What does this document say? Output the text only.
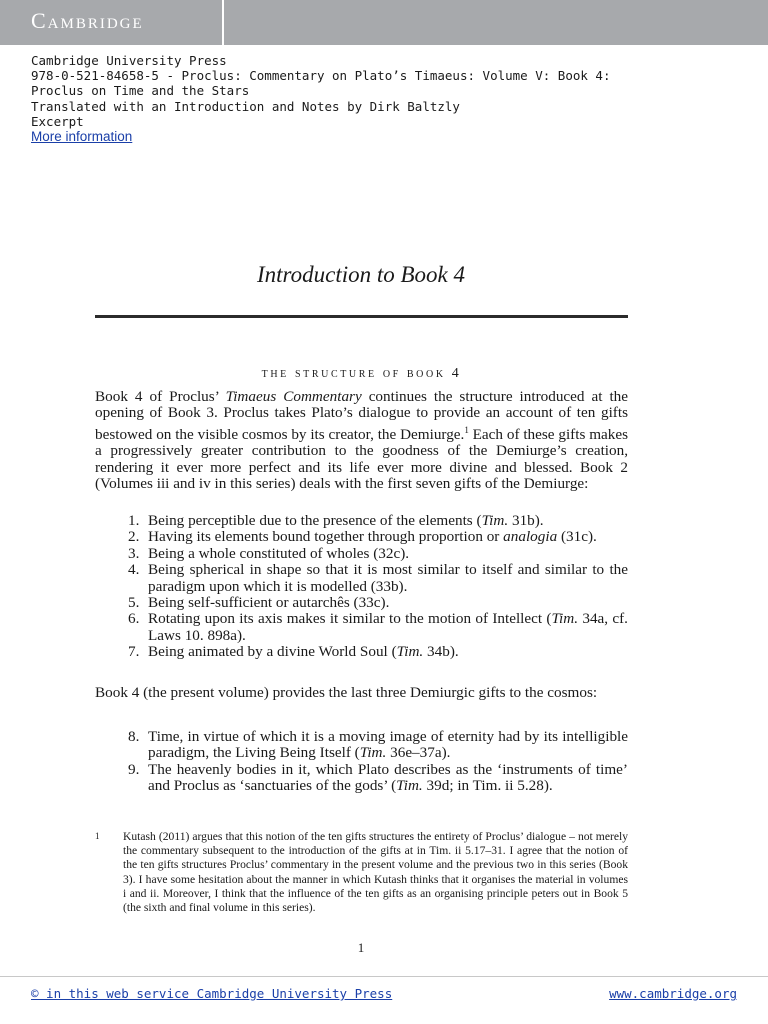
Cambridge
Cambridge University Press
978-0-521-84658-5 - Proclus: Commentary on Plato’s Timaeus: Volume V: Book 4:
Proclus on Time and the Stars
Translated with an Introduction and Notes by Dirk Baltzly
Excerpt
More information
Introduction to Book 4
the structure of book 4
Book 4 of Proclus’ Timaeus Commentary continues the structure introduced at the opening of Book 3. Proclus takes Plato’s dialogue to provide an account of ten gifts bestowed on the visible cosmos by its creator, the Demiurge.$^1$ Each of these gifts makes a progressively greater contribution to the goodness of the Demiurge’s creation, rendering it ever more perfect and its life ever more divine and blessed. Book 2 (Volumes iii and iv in this series) deals with the first seven gifts of the Demiurge:
1. Being perceptible due to the presence of the elements (Tim. 31b).
2. Having its elements bound together through proportion or analogia (31c).
3. Being a whole constituted of wholes (32c).
4. Being spherical in shape so that it is most similar to itself and similar to the paradigm upon which it is modelled (33b).
5. Being self-sufficient or autarchês (33c).
6. Rotating upon its axis makes it similar to the motion of Intellect (Tim. 34a, cf. Laws 10. 898a).
7. Being animated by a divine World Soul (Tim. 34b).
Book 4 (the present volume) provides the last three Demiurgic gifts to the cosmos:
8. Time, in virtue of which it is a moving image of eternity had by its intelligible paradigm, the Living Being Itself (Tim. 36e–37a).
9. The heavenly bodies in it, which Plato describes as the ‘instruments of time’ and Proclus as ‘sanctuaries of the gods’ (Tim. 39d; in Tim. ii 5.28).
1	Kutash (2011) argues that this notion of the ten gifts structures the entirety of Proclus’ dialogue – not merely the commentary subsequent to the introduction of the gifts at in Tim. ii 5.17–31. I agree that the notion of the ten gifts structures Proclus’ commentary in the present volume and the previous two in this series (Book 3). I have some hesitation about the manner in which Kutash thinks that it organises the material in volumes i and ii. Moreover, I think that the influence of the ten gifts as an organising principle peters out in Book 5 (the sixth and final volume in this series).
1
© in this web service Cambridge University Press	www.cambridge.org
